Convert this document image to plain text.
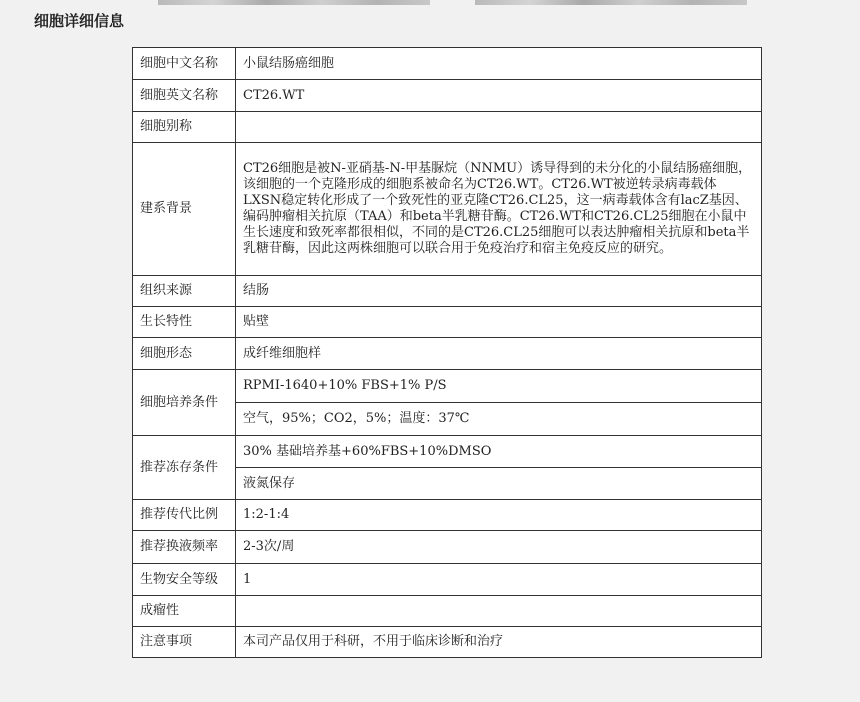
细胞详细信息
细胞中文名称	小鼠结肠癌细胞
细胞英文名称	CT26.WT
细胞别称	
建系背景	CT26细胞是被N-亚硝基-N-甲基脲烷（NNMU）诱导得到的未分化的小鼠结肠癌细胞，该细胞的一个克隆形成的细胞系被命名为CT26.WT。CT26.WT被逆转录病毒载体LXSN稳定转化形成了一个致死性的亚克隆CT26.CL25，这一病毒载体含有lacZ基因、编码肿瘤相关抗原（TAA）和beta半乳糖苷酶。CT26.WT和CT26.CL25细胞在小鼠中生长速度和致死率都很相似，不同的是CT26.CL25细胞可以表达肿瘤相关抗原和beta半乳糖苷酶，因此这两株细胞可以联合用于免疫治疗和宿主免疫反应的研究。
组织来源	结肠
生长特性	贴壁
细胞形态	成纤维细胞样
细胞培养条件	RPMI-1640+10% FBS+1% P/S
	空气，95%；CO2，5%；温度：37℃
推荐冻存条件	30% 基础培养基+60%FBS+10%DMSO
	液氮保存
推荐传代比例	1:2-1:4
推荐换液频率	2-3次/周
生物安全等级	1
成瘤性	
注意事项	本司产品仅用于科研，不用于临床诊断和治疗
